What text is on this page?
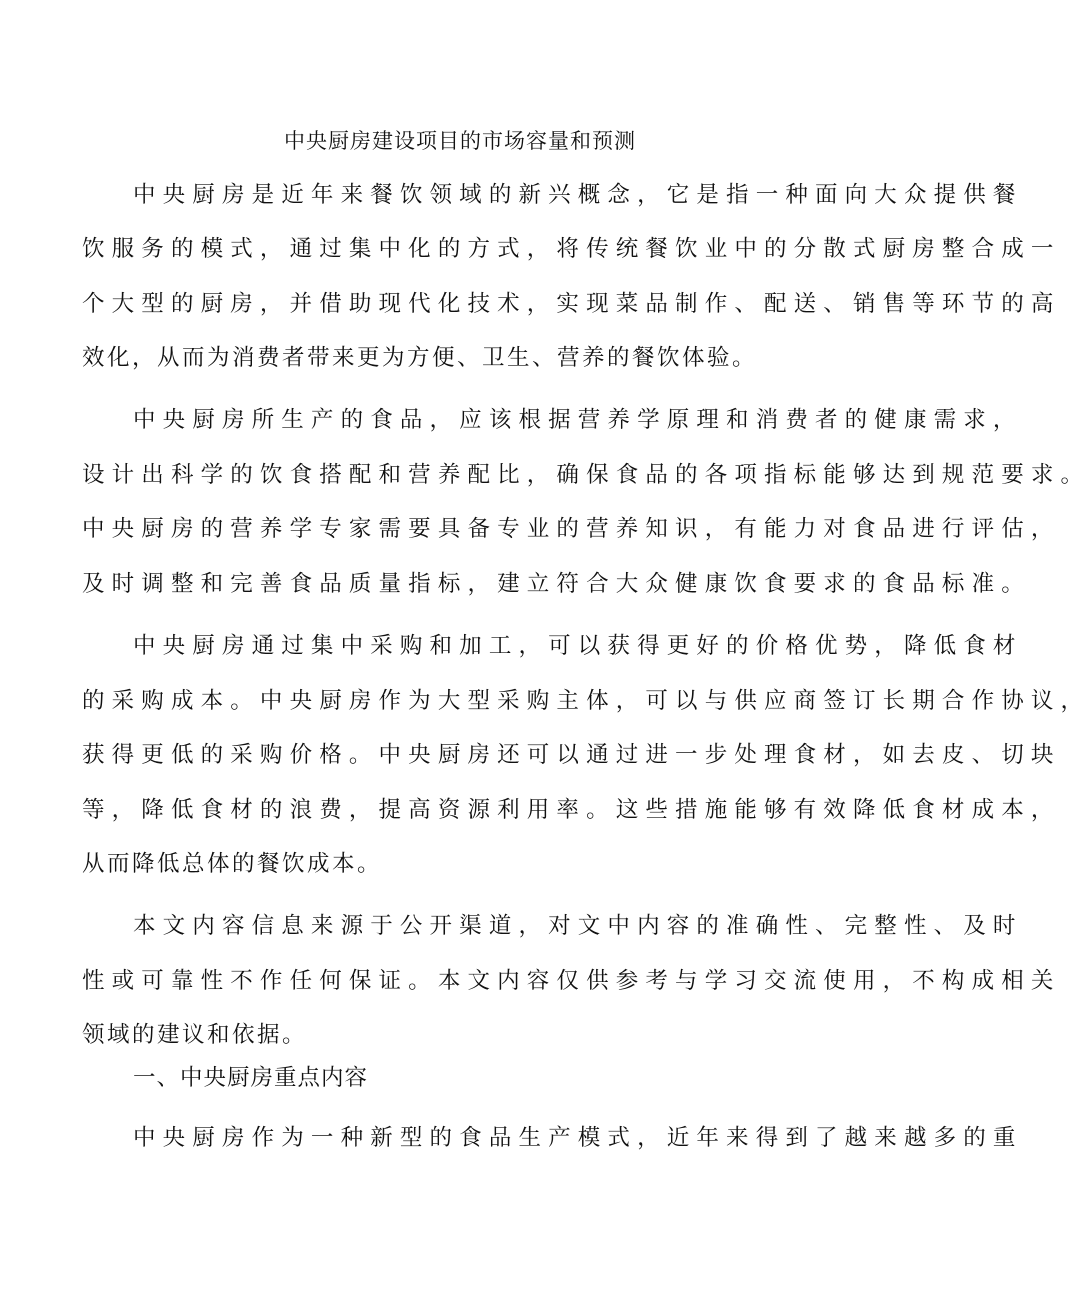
中央厨房建设项目的市场容量和预测
中 央 厨 房 是 近 年 来 餐 饮 领 域 的 新 兴 概 念 ， 它 是 指 一 种 面 向 大 众 提 供 餐
饮 服 务 的 模 式 ， 通 过 集 中 化 的 方 式 ， 将 传 统 餐 饮 业 中 的 分 散 式 厨 房 整 合 成 一
个 大 型 的 厨 房 ， 并 借 助 现 代 化 技 术 ， 实 现 菜 品 制 作 、 配 送 、 销 售 等 环 节 的 高
效化，从而为消费者带来更为方便、卫生、营养的餐饮体验。
中 央 厨 房 所 生 产 的 食 品 ， 应 该 根 据 营 养 学 原 理 和 消 费 者 的 健 康 需 求 ，
设 计 出 科 学 的 饮 食 搭 配 和 营 养 配 比 ， 确 保 食 品 的 各 项 指 标 能 够 达 到 规 范 要 求 。
中 央 厨 房 的 营 养 学 专 家 需 要 具 备 专 业 的 营 养 知 识 ， 有 能 力 对 食 品 进 行 评 估 ，
及 时 调 整 和 完 善 食 品 质 量 指 标 ， 建 立 符 合 大 众 健 康 饮 食 要 求 的 食 品 标 准 。
中 央 厨 房 通 过 集 中 采 购 和 加 工 ， 可 以 获 得 更 好 的 价 格 优 势 ， 降 低 食 材
的 采 购 成 本 。 中 央 厨 房 作 为 大 型 采 购 主 体 ， 可 以 与 供 应 商 签 订 长 期 合 作 协 议 ，
获 得 更 低 的 采 购 价 格 。 中 央 厨 房 还 可 以 通 过 进 一 步 处 理 食 材 ， 如 去 皮 、 切 块
等 ， 降 低 食 材 的 浪 费 ， 提 高 资 源 利 用 率 。 这 些 措 施 能 够 有 效 降 低 食 材 成 本 ，
从而降低总体的餐饮成本。
本 文 内 容 信 息 来 源 于 公 开 渠 道 ， 对 文 中 内 容 的 准 确 性 、 完 整 性 、 及 时
性 或 可 靠 性 不 作 任 何 保 证 。 本 文 内 容 仅 供 参 考 与 学 习 交 流 使 用 ， 不 构 成 相 关
领域的建议和依据。
一、中央厨房重点内容
中 央 厨 房 作 为 一 种 新 型 的 食 品 生 产 模 式 ， 近 年 来 得 到 了 越 来 越 多 的 重
